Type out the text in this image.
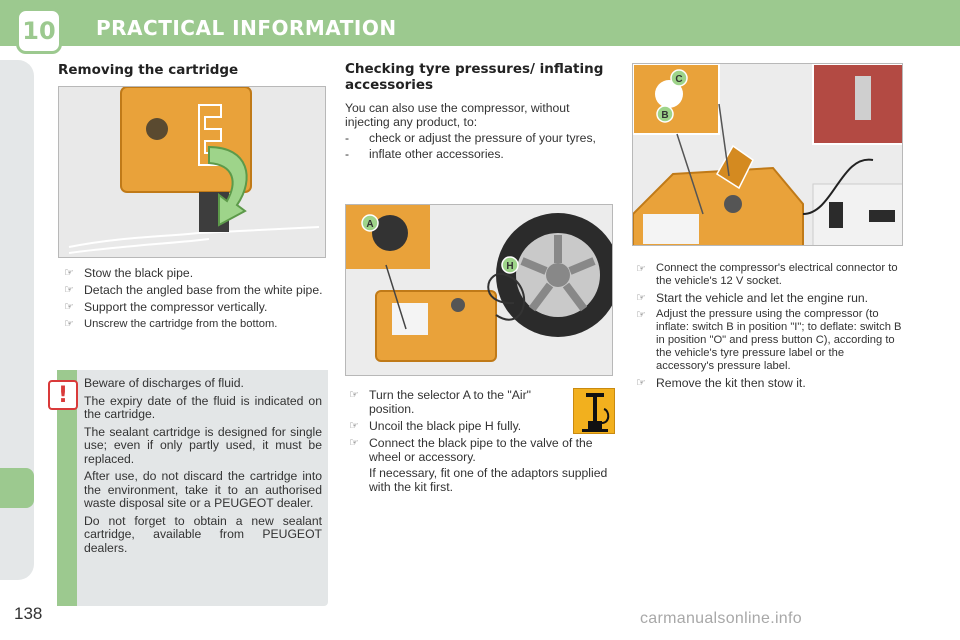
10 PRACTICAL INFORMATION
138
Removing the cartridge
☞ Stow the black pipe.
☞ Detach the angled base from the white pipe.
☞ Support the compressor vertically.
☞ Unscrew the cartridge from the bottom.
! Beware of discharges of fluid.

The expiry date of the fluid is indicated on the cartridge.

The sealant cartridge is designed for single use; even if only partly used, it must be replaced.

After use, do not discard the cartridge into the environment, take it to an authorised waste disposal site or a PEUGEOT dealer.

Do not forget to obtain a new sealant cartridge, available from PEUGEOT dealers.

Checking tyre pressures/ inflating accessories

You can also use the compressor, without injecting any product, to:

- check or adjust the pressure of your tyres,
- inflate other accessories.
A
H
☞ Turn the selector A to the "Air" position.
☞ Uncoil the black pipe H fully.
☞ Connect the black pipe to the valve of the wheel or accessory.
If necessary, fit one of the adaptors supplied with the kit first.
C
B
☞ Connect the compressor's electrical connector to the vehicle's 12 V socket.
☞ Start the vehicle and let the engine run.
☞ Adjust the pressure using the compressor (to inflate: switch B in position "I"; to deflate: switch B in position "O" and press button C), according to the vehicle's tyre pressure label or the accessory's pressure label.
☞ Remove the kit then stow it.
carmanualsonline.info
